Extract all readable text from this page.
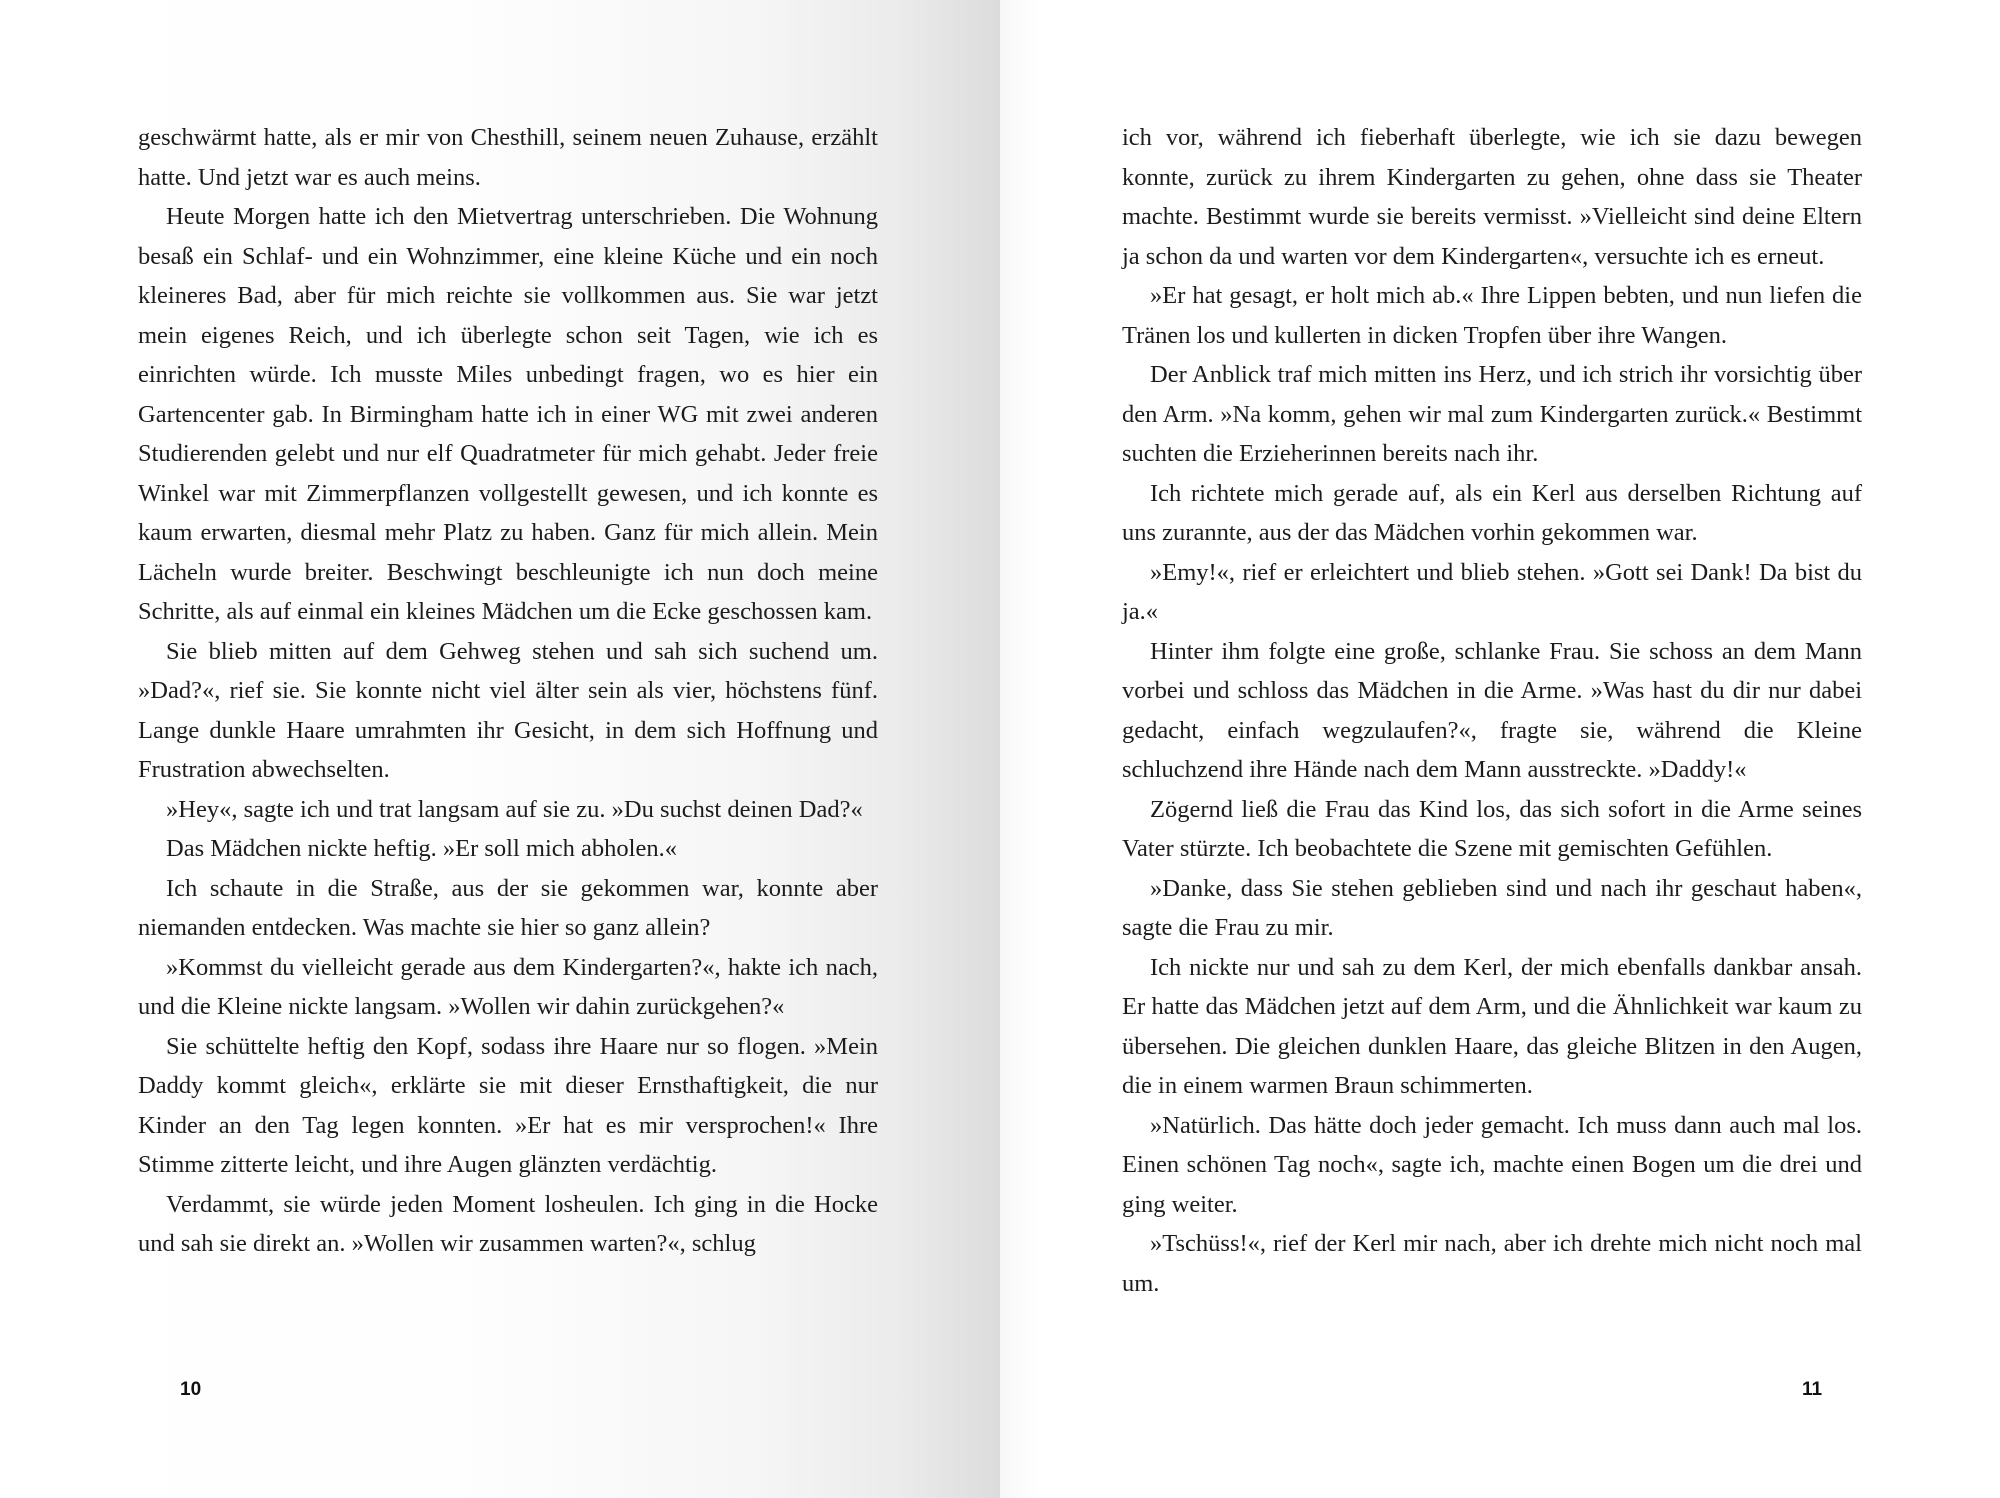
geschwärmt hatte, als er mir von Chesthill, seinem neuen Zuhause, erzählt hatte. Und jetzt war es auch meins.

Heute Morgen hatte ich den Mietvertrag unterschrieben. Die Wohnung besaß ein Schlaf- und ein Wohnzimmer, eine kleine Küche und ein noch kleineres Bad, aber für mich reichte sie vollkommen aus. Sie war jetzt mein eigenes Reich, und ich überlegte schon seit Tagen, wie ich es einrichten würde. Ich musste Miles unbedingt fragen, wo es hier ein Gartencenter gab. In Birmingham hatte ich in einer WG mit zwei anderen Studierenden gelebt und nur elf Quadratmeter für mich gehabt. Jeder freie Winkel war mit Zimmerpflanzen vollgestellt gewesen, und ich konnte es kaum erwarten, diesmal mehr Platz zu haben. Ganz für mich allein. Mein Lächeln wurde breiter. Beschwingt beschleunigte ich nun doch meine Schritte, als auf einmal ein kleines Mädchen um die Ecke geschossen kam.

Sie blieb mitten auf dem Gehweg stehen und sah sich suchend um. »Dad?«, rief sie. Sie konnte nicht viel älter sein als vier, höchstens fünf. Lange dunkle Haare umrahmten ihr Gesicht, in dem sich Hoffnung und Frustration abwechselten.

»Hey«, sagte ich und trat langsam auf sie zu. »Du suchst deinen Dad?«

Das Mädchen nickte heftig. »Er soll mich abholen.«

Ich schaute in die Straße, aus der sie gekommen war, konnte aber niemanden entdecken. Was machte sie hier so ganz allein?

»Kommst du vielleicht gerade aus dem Kindergarten?«, hakte ich nach, und die Kleine nickte langsam. »Wollen wir dahin zurückgehen?«

Sie schüttelte heftig den Kopf, sodass ihre Haare nur so flogen. »Mein Daddy kommt gleich«, erklärte sie mit dieser Ernsthaftigkeit, die nur Kinder an den Tag legen konnten. »Er hat es mir versprochen!« Ihre Stimme zitterte leicht, und ihre Augen glänzten verdächtig.

Verdammt, sie würde jeden Moment losheulen. Ich ging in die Hocke und sah sie direkt an. »Wollen wir zusammen warten?«, schlug

10

ich vor, während ich fieberhaft überlegte, wie ich sie dazu bewegen konnte, zurück zu ihrem Kindergarten zu gehen, ohne dass sie Theater machte. Bestimmt wurde sie bereits vermisst. »Vielleicht sind deine Eltern ja schon da und warten vor dem Kindergarten«, versuchte ich es erneut.

»Er hat gesagt, er holt mich ab.« Ihre Lippen bebten, und nun liefen die Tränen los und kullerten in dicken Tropfen über ihre Wangen.

Der Anblick traf mich mitten ins Herz, und ich strich ihr vorsichtig über den Arm. »Na komm, gehen wir mal zum Kindergarten zurück.« Bestimmt suchten die Erzieherinnen bereits nach ihr.

Ich richtete mich gerade auf, als ein Kerl aus derselben Richtung auf uns zurannte, aus der das Mädchen vorhin gekommen war.

»Emy!«, rief er erleichtert und blieb stehen. »Gott sei Dank! Da bist du ja.«

Hinter ihm folgte eine große, schlanke Frau. Sie schoss an dem Mann vorbei und schloss das Mädchen in die Arme. »Was hast du dir nur dabei gedacht, einfach wegzulaufen?«, fragte sie, während die Kleine schluchzend ihre Hände nach dem Mann ausstreckte. »Daddy!«

Zögernd ließ die Frau das Kind los, das sich sofort in die Arme seines Vater stürzte. Ich beobachtete die Szene mit gemischten Gefühlen.

»Danke, dass Sie stehen geblieben sind und nach ihr geschaut haben«, sagte die Frau zu mir.

Ich nickte nur und sah zu dem Kerl, der mich ebenfalls dankbar ansah. Er hatte das Mädchen jetzt auf dem Arm, und die Ähnlichkeit war kaum zu übersehen. Die gleichen dunklen Haare, das gleiche Blitzen in den Augen, die in einem warmen Braun schimmerten.

»Natürlich. Das hätte doch jeder gemacht. Ich muss dann auch mal los. Einen schönen Tag noch«, sagte ich, machte einen Bogen um die drei und ging weiter.

»Tschüss!«, rief der Kerl mir nach, aber ich drehte mich nicht noch mal um.

11
